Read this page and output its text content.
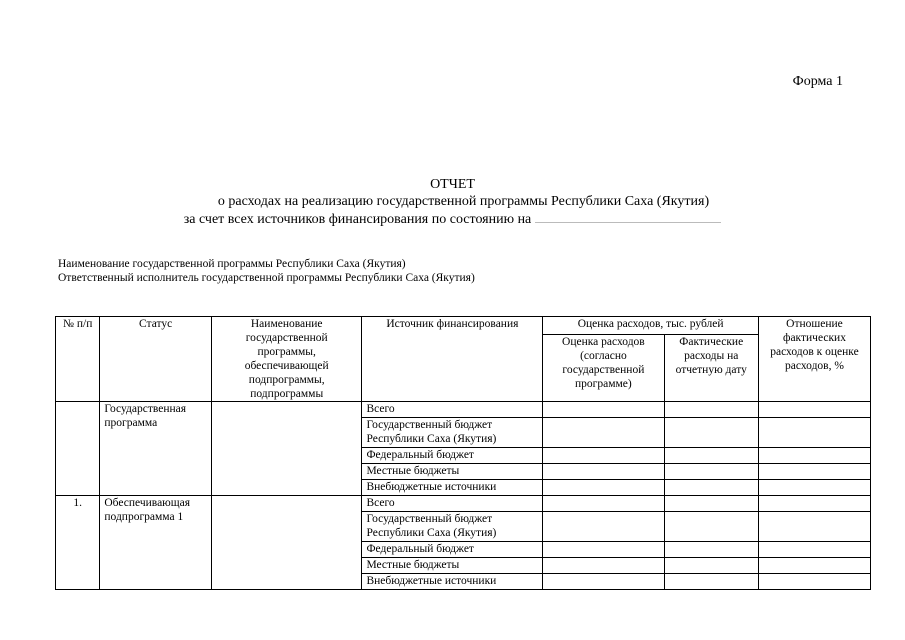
Форма 1
ОТЧЕТ
о расходах на реализацию государственной программы Республики Саха (Якутия)
за счет всех источников финансирования по состоянию на
Наименование государственной программы Республики Саха (Якутия)
Ответственный исполнитель государственной программы Республики Саха (Якутия)
№ п/п	Статус	Наименование государственной программы, обеспечивающей подпрограммы, подпрограммы	Источник финансирования	Оценка расходов, тыс. рублей		Отношение фактических расходов к оценке расходов, %
				Оценка расходов (согласно государственной программе)	Фактические расходы на отчетную дату	
	Государственная программа		Всего			
			Государственный бюджет Республики Саха (Якутия)			
			Федеральный бюджет			
			Местные бюджеты			
			Внебюджетные источники			
1.	Обеспечивающая подпрограмма 1		Всего			
			Государственный бюджет Республики Саха (Якутия)			
			Федеральный бюджет			
			Местные бюджеты			
			Внебюджетные источники			
